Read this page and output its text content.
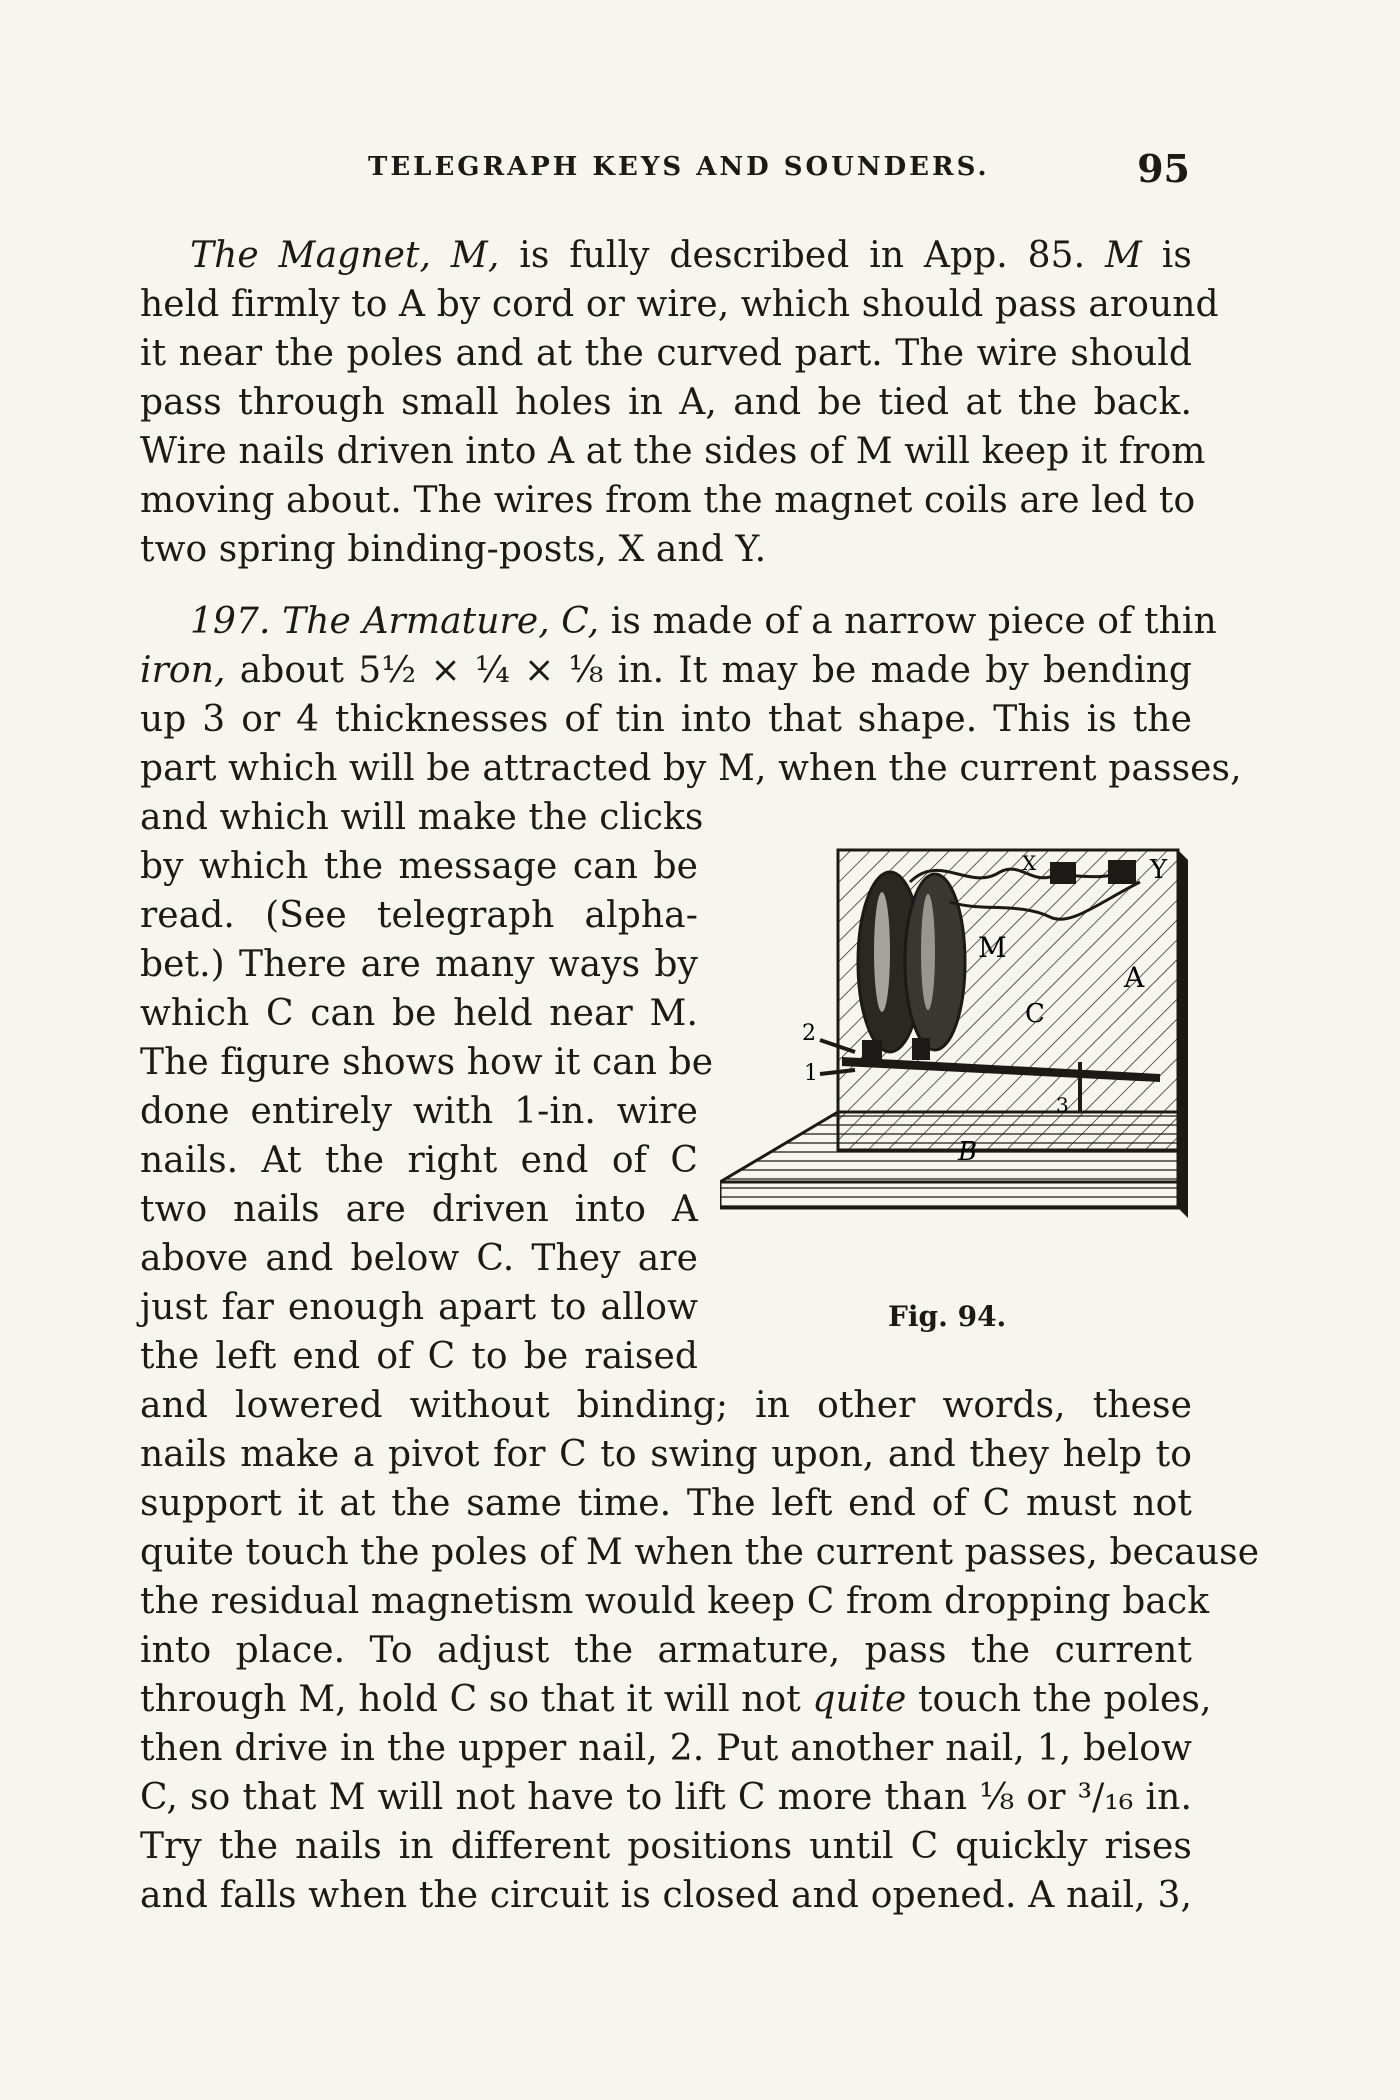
TELEGRAPH KEYS AND SOUNDERS.	95
The Magnet, M, is fully described in App. 85. M is
held firmly to A by cord or wire, which should pass around
it near the poles and at the curved part. The wire should
pass through small holes in A, and be tied at the back.
Wire nails driven into A at the sides of M will keep it from
moving about. The wires from the magnet coils are led to
two spring binding-posts, X and Y.
197. The Armature, C, is made of a narrow piece of thin
iron, about 5½ × ¼ × ⅛ in. It may be made by bending
up 3 or 4 thicknesses of tin into that shape. This is the
part which will be attracted by M, when the current passes,
and which will make the clicks
by which the message can be
read. (See telegraph alpha-
bet.) There are many ways by
which C can be held near M.
The figure shows how it can be
done entirely with 1-in. wire
nails. At the right end of C
two nails are driven into A
above and below C. They are
just far enough apart to allow
the left end of C to be raised
and lowered without binding; in other words, these
nails make a pivot for C to swing upon, and they help to
support it at the same time. The left end of C must not
quite touch the poles of M when the current passes, because
the residual magnetism would keep C from dropping back
into place. To adjust the armature, pass the current
through M, hold C so that it will not quite touch the poles,
then drive in the upper nail, 2. Put another nail, 1, below
C, so that M will not have to lift C more than ⅛ or ³/₁₆ in.
Try the nails in different positions until C quickly rises
and falls when the circuit is closed and opened. A nail, 3,
X	Y
M
A
C
2
1
3
B
Fig. 94.
